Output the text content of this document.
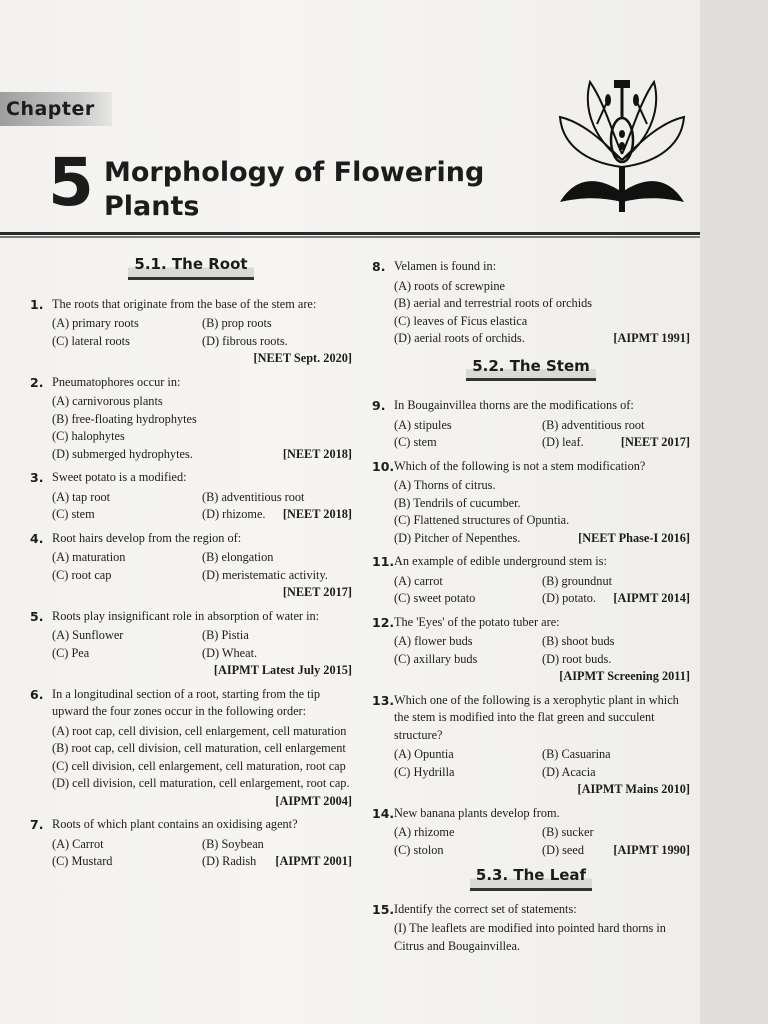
Chapter
5 Morphology of Flowering
Plants
5.1. The Root
1. The roots that originate from the base of the stem are:
(A) primary roots	(B) prop roots
(C) lateral roots	(D) fibrous roots.
[NEET Sept. 2020]
2. Pneumatophores occur in:
(A) carnivorous plants
(B) free-floating hydrophytes
(C) halophytes
(D) submerged hydrophytes.	[NEET 2018]
3. Sweet potato is a modified:
(A) tap root	(B) adventitious root
(C) stem	(D) rhizome. [NEET 2018]
4. Root hairs develop from the region of:
(A) maturation	(B) elongation
(C) root cap	(D) meristematic activity.
[NEET 2017]
5. Roots play insignificant role in absorption of water in:
(A) Sunflower	(B) Pistia
(C) Pea	(D) Wheat.
[AIPMT Latest July 2015]
6. In a longitudinal section of a root, starting from the tip upward the four zones occur in the following order:
(A) root cap, cell division, cell enlargement, cell maturation
(B) root cap, cell division, cell maturation, cell enlargement
(C) cell division, cell enlargement, cell maturation, root cap
(D) cell division, cell maturation, cell enlargement, root cap.
[AIPMT 2004]
7. Roots of which plant contains an oxidising agent?
(A) Carrot	(B) Soybean
(C) Mustard	(D) Radish [AIPMT 2001]
8. Velamen is found in:
(A) roots of screwpine
(B) aerial and terrestrial roots of orchids
(C) leaves of Ficus elastica
(D) aerial roots of orchids.	[AIPMT 1991]
5.2. The Stem
9. In Bougainvillea thorns are the modifications of:
(A) stipules	(B) adventitious root
(C) stem	(D) leaf.	[NEET 2017]
10. Which of the following is not a stem modification?
(A) Thorns of citrus.
(B) Tendrils of cucumber.
(C) Flattened structures of Opuntia.
(D) Pitcher of Nepenthes.	[NEET Phase-I 2016]
11. An example of edible underground stem is:
(A) carrot	(B) groundnut
(C) sweet potato	(D) potato. [AIPMT 2014]
12. The 'Eyes' of the potato tuber are:
(A) flower buds	(B) shoot buds
(C) axillary buds	(D) root buds.
[AIPMT Screening 2011]
13. Which one of the following is a xerophytic plant in which the stem is modified into the flat green and succulent structure?
(A) Opuntia	(B) Casuarina
(C) Hydrilla	(D) Acacia
[AIPMT Mains 2010]
14. New banana plants develop from.
(A) rhizome	(B) sucker
(C) stolon	(D) seed [AIPMT 1990]
5.3. The Leaf
15. Identify the correct set of statements:
(I) The leaflets are modified into pointed hard thorns in Citrus and Bougainvillea.
